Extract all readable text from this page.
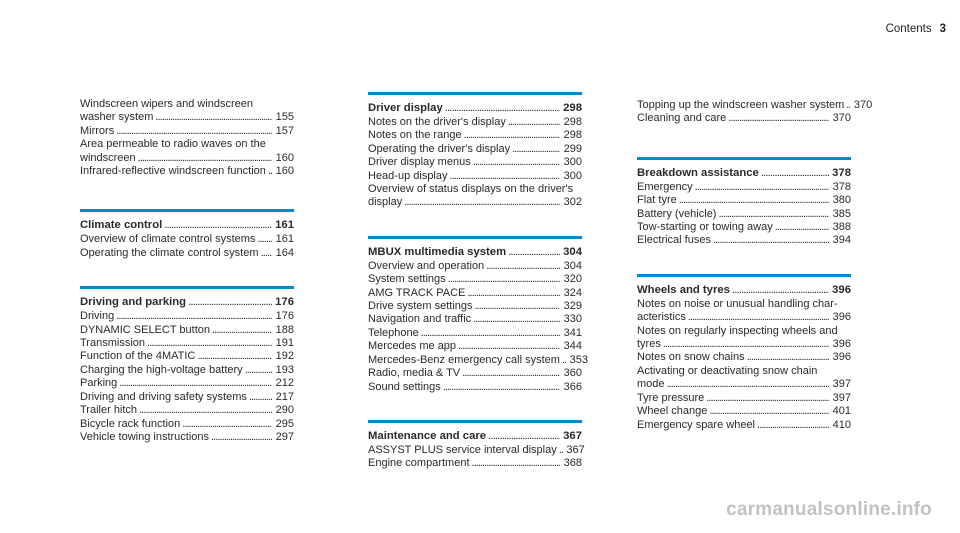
Contents 3
Windscreen wipers and windscreen
washer system . . .	155
Mirrors . . .	157
Area permeable to radio waves on the
windscreen . . .	160
Infrared-reflective windscreen function . . . 160
Climate control . . .	161
Overview of climate control systems . . . 161
Operating the climate control system . . . 164
Driving and parking . . .	176
Driving . . .	176
DYNAMIC SELECT button . . .	188
Transmission . . .	191
Function of the 4MATIC . . .	192
Charging the high-voltage battery . . .	193
Parking . . .	212
Driving and driving safety systems . . .	217
Trailer hitch . . .	290
Bicycle rack function . . .	295
Vehicle towing instructions . . .	297
Driver display . . .	298
Notes on the driver's display . . .	298
Notes on the range . . .	298
Operating the driver's display . . .	299
Driver display menus . . .	300
Head-up display . . .	300
Overview of status displays on the driver's
display . . .	302
MBUX multimedia system . . .	304
Overview and operation . . .	304
System settings . . .	320
AMG TRACK PACE . . .	324
Drive system settings . . .	329
Navigation and traffic . . .	330
Telephone . . .	341
Mercedes me app . . .	344
Mercedes-Benz emergency call system . . . 353
Radio, media & TV . . .	360
Sound settings . . .	366
Maintenance and care . . .	367
ASSYST PLUS service interval display . . . 367
Engine compartment . . .	368
Topping up the windscreen washer system . . . 370
Cleaning and care . . .	370
Breakdown assistance . . .	378
Emergency . . .	378
Flat tyre . . .	380
Battery (vehicle) . . .	385
Tow-starting or towing away . . .	388
Electrical fuses . . .	394
Wheels and tyres . . .	396
Notes on noise or unusual handling char-
acteristics . . .	396
Notes on regularly inspecting wheels and
tyres . . .	396
Notes on snow chains . . .	396
Activating or deactivating snow chain
mode . . .	397
Tyre pressure . . .	397
Wheel change . . .	401
Emergency spare wheel . . .	410
carmanualsonline.info
